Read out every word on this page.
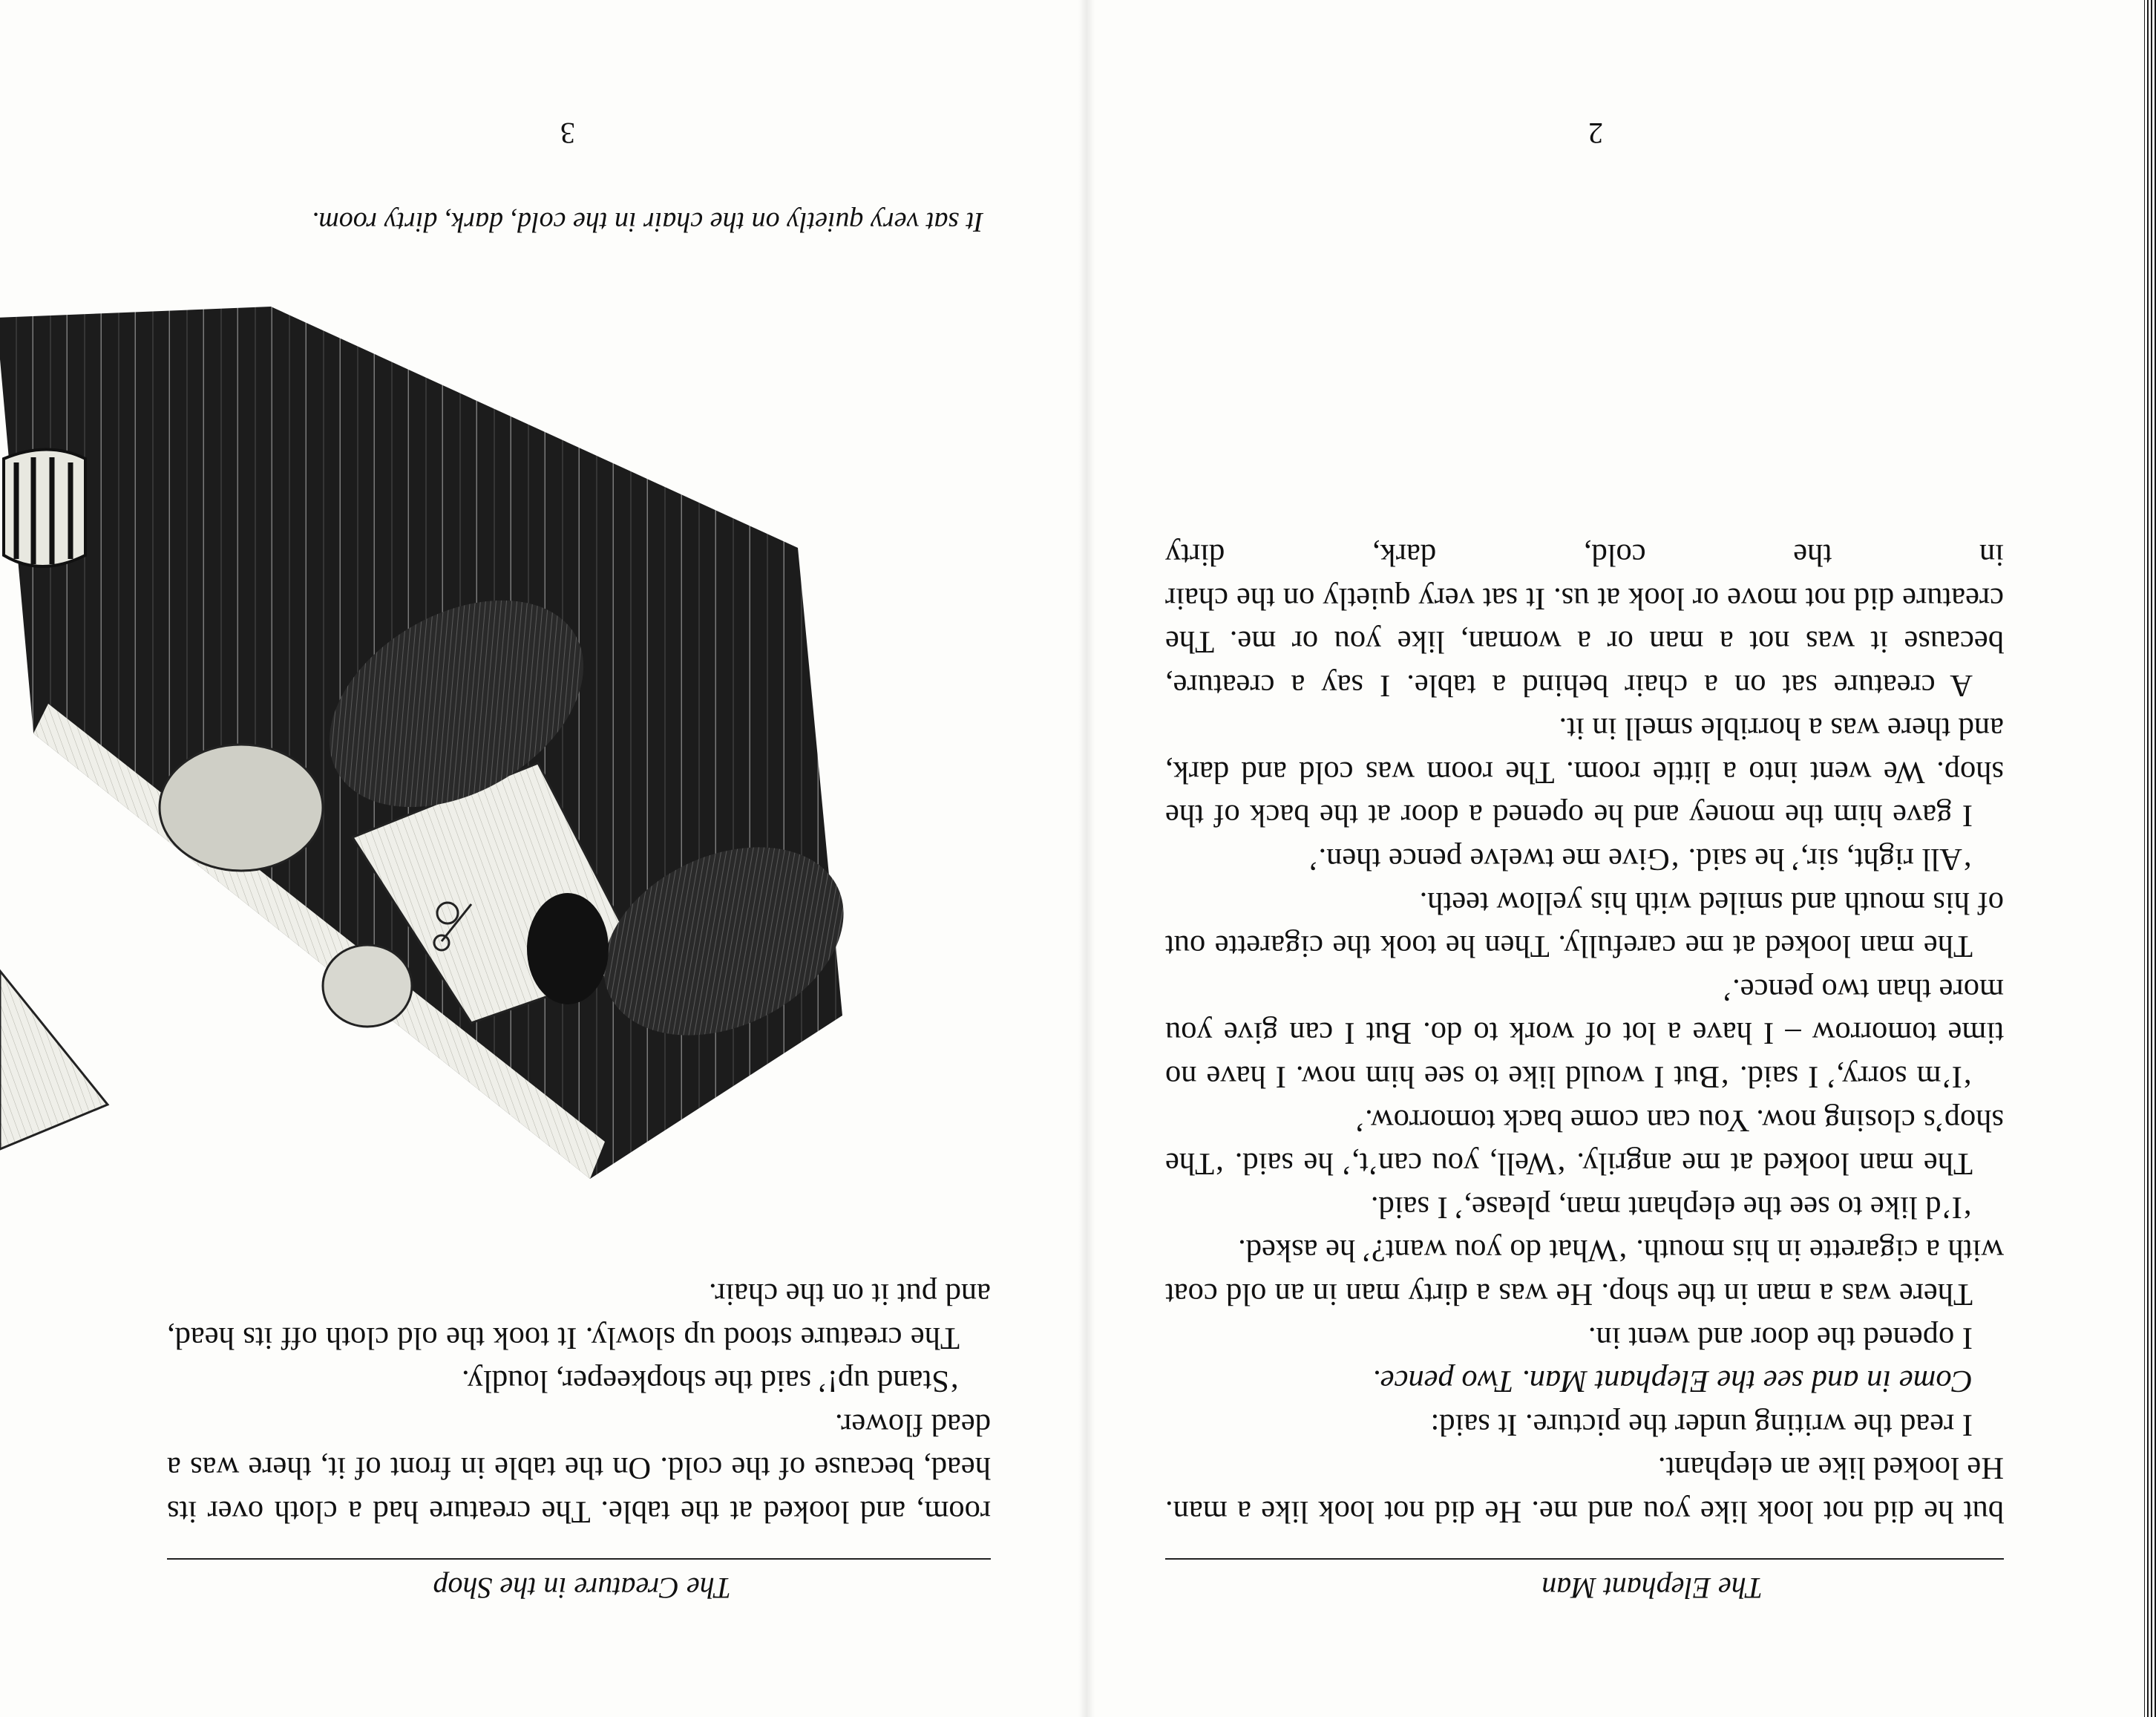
The Elephant Man

but he did not look like you and me. He did not look like a man. He looked like an elephant.

I read the writing under the picture. It said:

Come in and see the Elephant Man. Two pence.

I opened the door and went in.

There was a man in the shop. He was a dirty man in an old coat with a cigarette in his mouth. ‘What do you want?’ he asked.

‘I’d like to see the elephant man, please,’ I said.

The man looked at me angrily. ‘Well, you can’t,’ he said. ‘The shop’s closing now. You can come back tomorrow.’

‘I’m sorry,’ I said. ‘But I would like to see him now. I have no time tomorrow – I have a lot of work to do. But I can give you more than two pence.’

The man looked at me carefully. Then he took the cigarette out of his mouth and smiled with his yellow teeth.

‘All right, sir,’ he said. ‘Give me twelve pence then.’

I gave him the money and he opened a door at the back of the shop. We went into a little room. The room was cold and dark, and there was a horrible smell in it.

A creature sat on a chair behind a table. I say a creature, because it was not a man or a woman, like you or me. The creature did not move or look at us. It sat very quietly on the chair in the cold, dark, dirty

2
The Creature in the Shop

room, and looked at the table. The creature had a cloth over its head, because of the cold. On the table in front of it, there was a dead flower.

‘Stand up!’ said the shopkeeper, loudly.

The creature stood up slowly. It took the old cloth off its head, and put it on the chair.

It sat very quietly on the chair in the cold, dark, dirty room.
3
